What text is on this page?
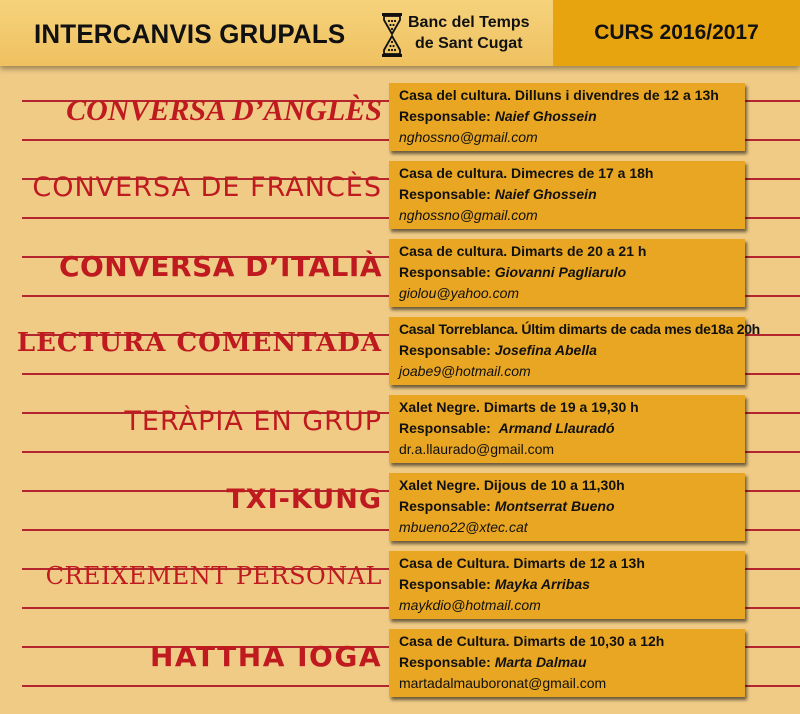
INTERCANVIS GRUPALS	Banc del Temps
de Sant Cugat	CURS 2016/2017
CONVERSA D’ANGLÈS Casa del cultura. Dilluns i divendres de 12 a 13h
Responsable: Naief Ghossein
nghossno@gmail.com
CONVERSA DE FRANCÈS Casa de cultura. Dimecres de 17 a 18h
Responsable: Naief Ghossein
nghossno@gmail.com
CONVERSA D’ITALIÀ Casa de cultura. Dimarts de 20 a 21 h
Responsable: Giovanni Pagliarulo
giolou@yahoo.com
LECTURA COMENTADA Casal Torreblanca. Últim dimarts de cada mes de18a 20h
Responsable: Josefina Abella
joabe9@hotmail.com
TERÀPIA EN GRUP Xalet Negre. Dimarts de 19 a 19,30 h
Responsable: Armand Llauradó
dr.a.llaurado@gmail.com
TXI-KUNG Xalet Negre. Dijous de 10 a 11,30h
Responsable: Montserrat Bueno
mbueno22@xtec.cat
CREIXEMENT PERSONAL Casa de Cultura. Dimarts de 12 a 13h
Responsable: Mayka Arribas
maykdio@hotmail.com
HATTHA IOGA Casa de Cultura. Dimarts de 10,30 a 12h
Responsable: Marta Dalmau
martadalmauboronat@gmail.com
